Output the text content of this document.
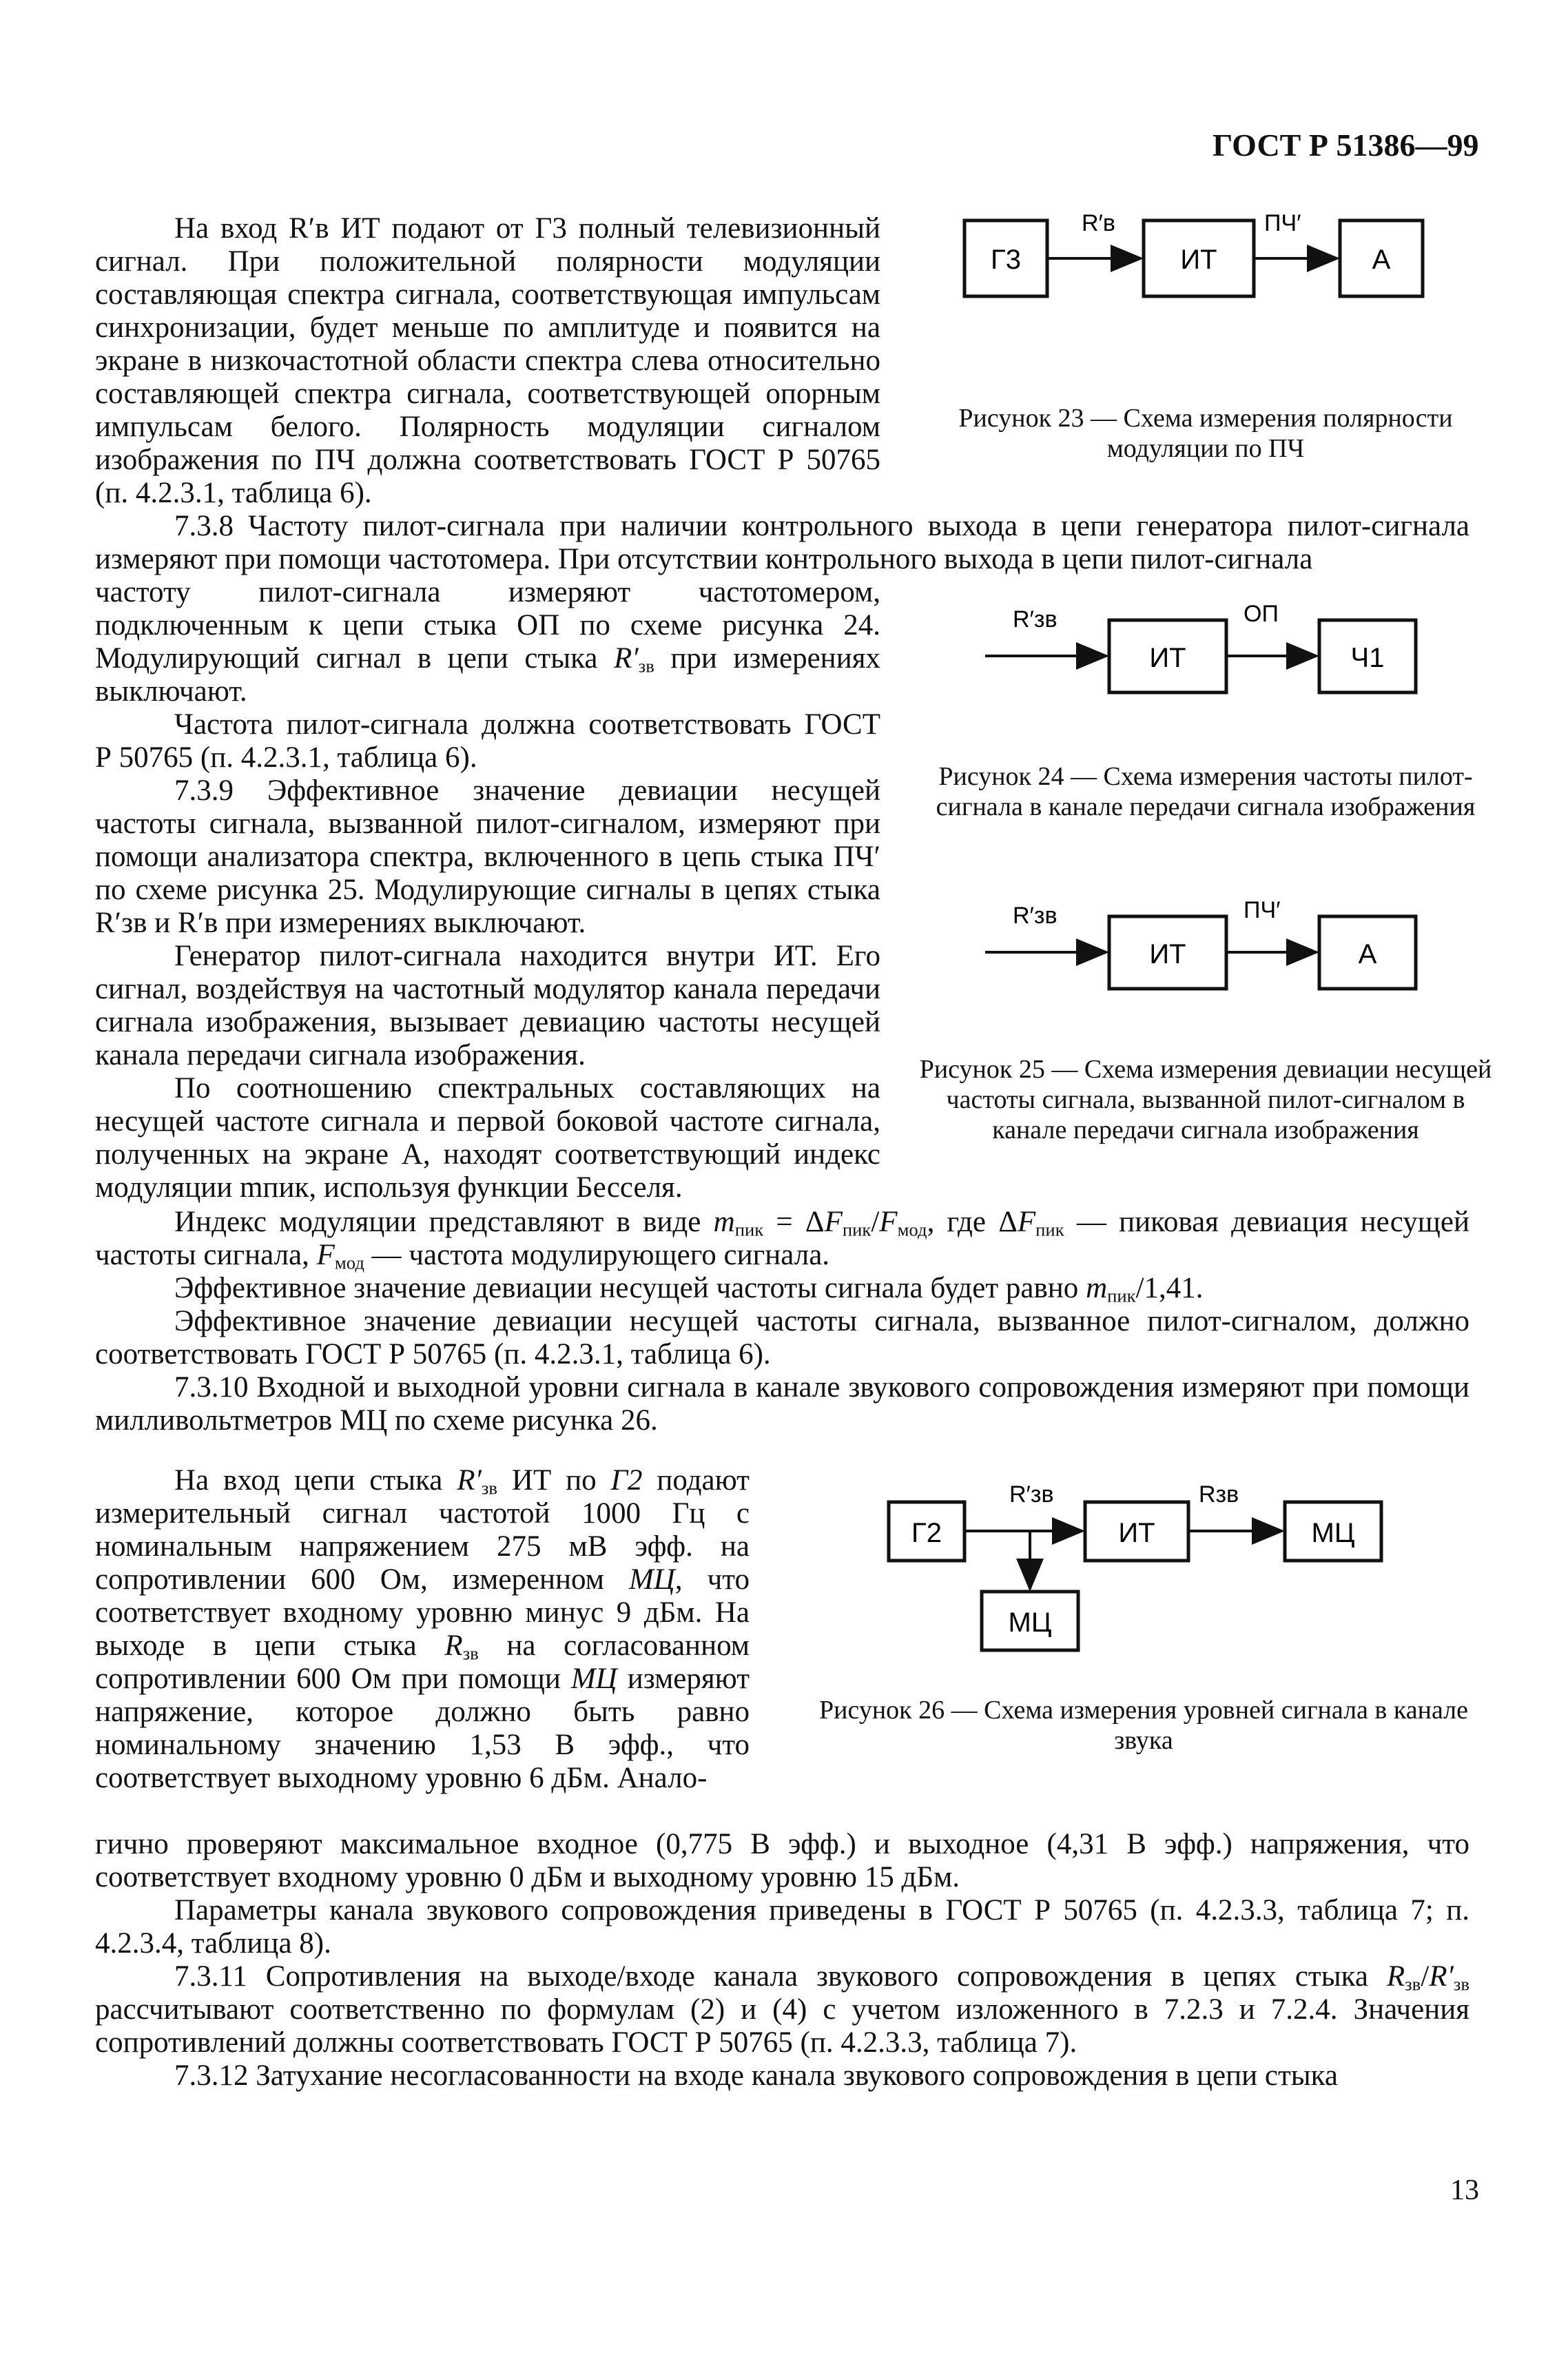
ГОСТ Р 51386—99

На вход R′в ИТ подают от Г3 полный телевизионный сигнал. При положительной полярности модуляции составляющая спектра сигнала, соответствующая импульсам синхронизации, будет меньше по амплитуде и появится на экране в низкочастотной области спектра слева относительно составляющей спектра сигнала, соответствующей опорным импульсам белого. Полярность модуляции сигналом изображения по ПЧ должна соответствовать ГОСТ Р 50765 (п. 4.2.3.1, таблица 6).

Г3	ИТ	А
R′в	ПЧ′
Рисунок 23 — Схема измерения полярности модуляции по ПЧ

7.3.8 Частоту пилот-сигнала при наличии контрольного выхода в цепи генератора пилот-сигнала измеряют при помощи частотомера. При отсутствии контрольного выхода в цепи пилот-сигнала

частоту пилот-сигнала измеряют частотомером, подключенным к цепи стыка ОП по схеме рисунка 24. Модулирующий сигнал в цепи стыка $R'_{зв}$ при измерениях выключают.

Частота пилот-сигнала должна соответствовать ГОСТ Р 50765 (п. 4.2.3.1, таблица 6).

7.3.9 Эффективное значение девиации несущей частоты сигнала, вызванной пилот-сигналом, измеряют при помощи анализатора спектра, включенного в цепь стыка ПЧ′ по схеме рисунка 25. Модулирующие сигналы в цепях стыка R′зв и R′в при измерениях выключают.

Генератор пилот-сигнала находится внутри ИТ. Его сигнал, воздействуя на частотный модулятор канала передачи сигнала изображения, вызывает девиацию частоты несущей канала передачи сигнала изображения.

По соотношению спектральных составляющих на несущей частоте сигнала и первой боковой частоте сигнала, полученных на экране А, находят соответствующий индекс модуляции mпик, используя функции Бесселя.

ИТ	Ч1
R′зв	ОП
Рисунок 24 — Схема измерения частоты пилот-сигнала в канале передачи сигнала изображения
ИТ	А
R′зв	ПЧ′
Рисунок 25 — Схема измерения девиации несущей частоты сигнала, вызванной пилот-сигналом в канале передачи сигнала изображения

Индекс модуляции представляют в виде $m_{пик} = \Delta F_{пик}/F_{мод}$, где $\Delta F_{пик}$ — пиковая девиация несущей частоты сигнала, $F_{мод}$ — частота модулирующего сигнала.

Эффективное значение девиации несущей частоты сигнала будет равно $m_{пик}/1,41$.

Эффективное значение девиации несущей частоты сигнала, вызванное пилот-сигналом, должно соответствовать ГОСТ Р 50765 (п. 4.2.3.1, таблица 6).

7.3.10 Входной и выходной уровни сигнала в канале звукового сопровождения измеряют при помощи милливольтметров МЦ по схеме рисунка 26.

На вход цепи стыка $R'_{зв}$ ИТ по Г2 подают измерительный сигнал частотой 1000 Гц с номинальным напряжением 275 мВ эфф. на сопротивлении 600 Ом, измеренном МЦ, что соответствует входному уровню минус 9 дБм. На выходе в цепи стыка $R_{зв}$ на согласованном сопротивлении 600 Ом при помощи МЦ измеряют напряжение, которое должно быть равно номинальному значению 1,53 В эфф., что соответствует выходному уровню 6 дБм. Анало-

Г2	ИТ	МЦ
МЦ
R′зв	Rзв
Рисунок 26 — Схема измерения уровней сигнала в канале звука

гично проверяют максимальное входное (0,775 В эфф.) и выходное (4,31 В эфф.) напряжения, что соответствует входному уровню 0 дБм и выходному уровню 15 дБм.

Параметры канала звукового сопровождения приведены в ГОСТ Р 50765 (п. 4.2.3.3, таблица 7; п. 4.2.3.4, таблица 8).

7.3.11 Сопротивления на выходе/входе канала звукового сопровождения в цепях стыка $R_{зв}/R'_{зв}$ рассчитывают соответственно по формулам (2) и (4) с учетом изложенного в 7.2.3 и 7.2.4. Значения сопротивлений должны соответствовать ГОСТ Р 50765 (п. 4.2.3.3, таблица 7).

7.3.12 Затухание несогласованности на входе канала звукового сопровождения в цепи стыка

13
